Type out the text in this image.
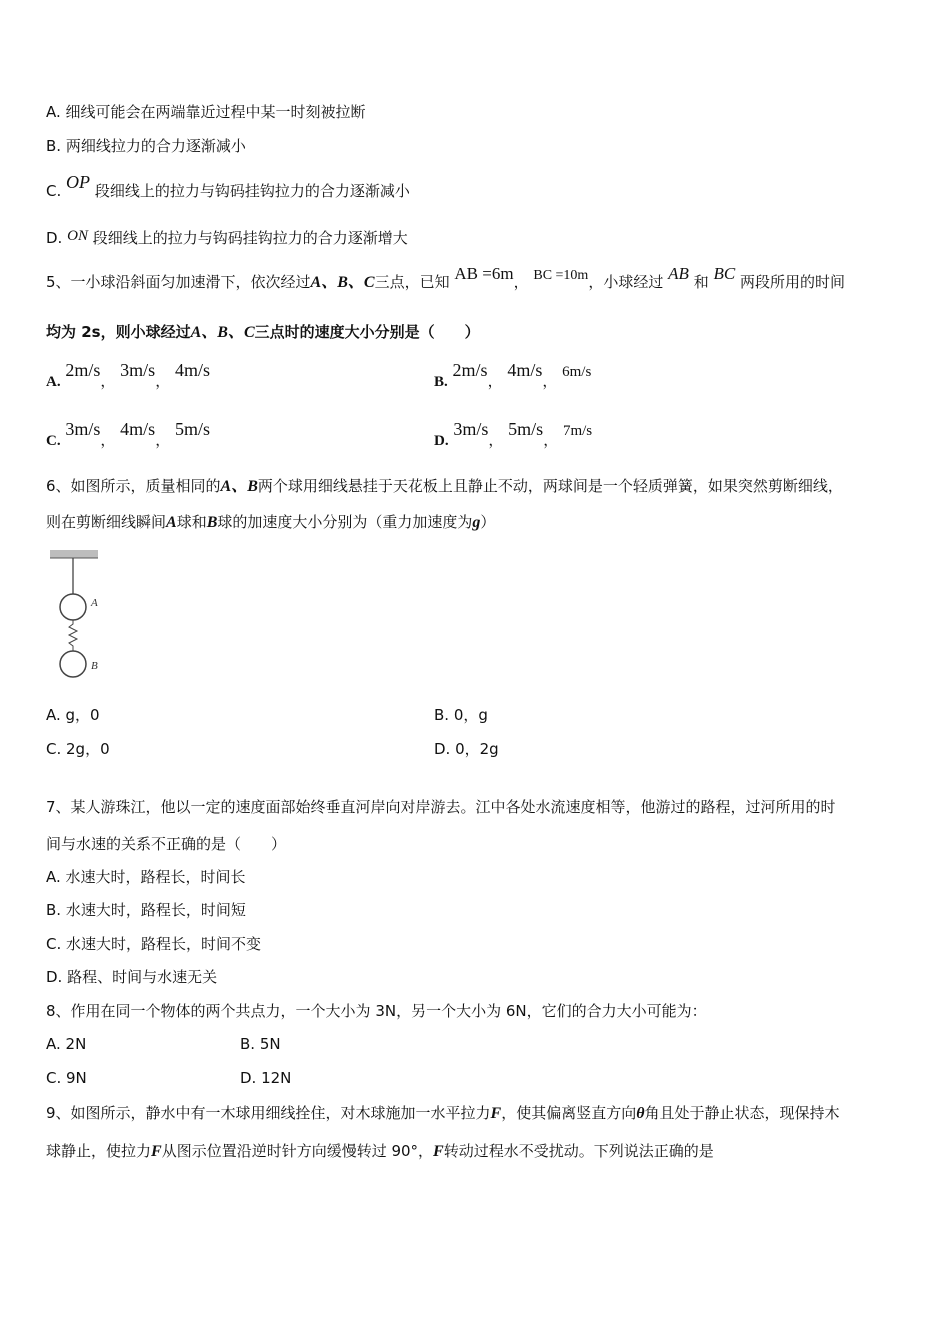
A. 细线可能会在两端靠近过程中某一时刻被拉断
B. 两细线拉力的合力逐渐减小
C. OP 段细线上的拉力与钩码挂钩拉力的合力逐渐减小
D. ON 段细线上的拉力与钩码挂钩拉力的合力逐渐增大
5、一小球沿斜面匀加速滑下，依次经过A、B、C三点，已知 AB =6m， BC =10m，小球经过 AB 和 BC 两段所用的时间
均为 2s，则小球经过A、B、C三点时的速度大小分别是（　　）
A. 2m/s， 3m/s， 4m/s
B. 2m/s， 4m/s， 6m/s
C. 3m/s， 4m/s， 5m/s
D. 3m/s， 5m/s， 7m/s
6、如图所示，质量相同的A、B两个球用细线悬挂于天花板上且静止不动，两球间是一个轻质弹簧，如果突然剪断细线，
则在剪断细线瞬间A球和B球的加速度大小分别为（重力加速度为g）
A
B
A. g，0	B. 0，g
C. 2g，0	D. 0，2g
7、某人游珠江，他以一定的速度面部始终垂直河岸向对岸游去。江中各处水流速度相等，他游过的路程，过河所用的时
间与水速的关系不正确的是（　　）
A. 水速大时，路程长，时间长
B. 水速大时，路程长，时间短
C. 水速大时，路程长，时间不变
D. 路程、时间与水速无关
8、作用在同一个物体的两个共点力，一个大小为 3N，另一个大小为 6N，它们的合力大小可能为：
A. 2N	B. 5N
C. 9N	D. 12N
9、如图所示，静水中有一木球用细线拴住，对木球施加一水平拉力F，使其偏离竖直方向θ角且处于静止状态，现保持木
球静止，使拉力F从图示位置沿逆时针方向缓慢转过 90°，F转动过程水不受扰动。下列说法正确的是
